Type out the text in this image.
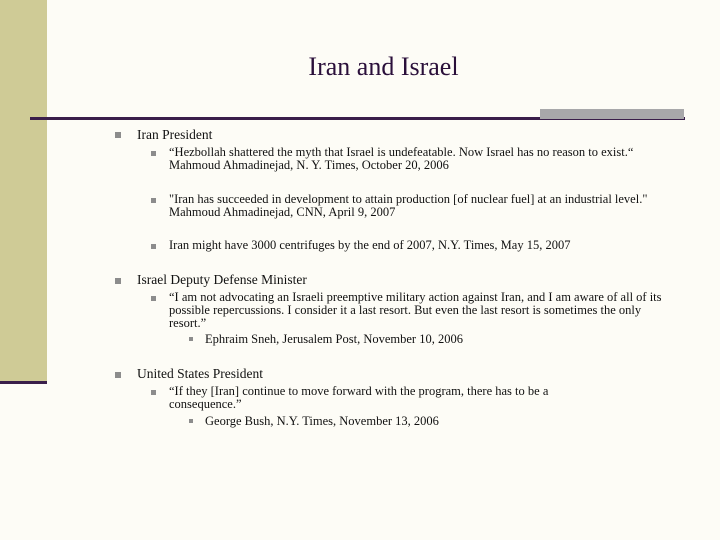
Iran and Israel
Iran President
“Hezbollah shattered the myth that Israel is undefeatable. Now Israel has no reason to exist.“ Mahmoud Ahmadinejad, N. Y. Times, October 20, 2006
"Iran has succeeded in development to attain production [of nuclear fuel] at an industrial level." Mahmoud Ahmadinejad, CNN, April 9, 2007
Iran might have 3000 centrifuges by the end of 2007, N.Y. Times, May 15, 2007
Israel Deputy Defense Minister
“I am not advocating an Israeli preemptive military action against Iran, and I am aware of all of its possible repercussions. I consider it a last resort. But even the last resort is sometimes the only resort.”
Ephraim Sneh, Jerusalem Post, November 10, 2006
United States President
“If they [Iran] continue to move forward with the program, there has to be a consequence.”
George Bush, N.Y. Times, November 13, 2006
